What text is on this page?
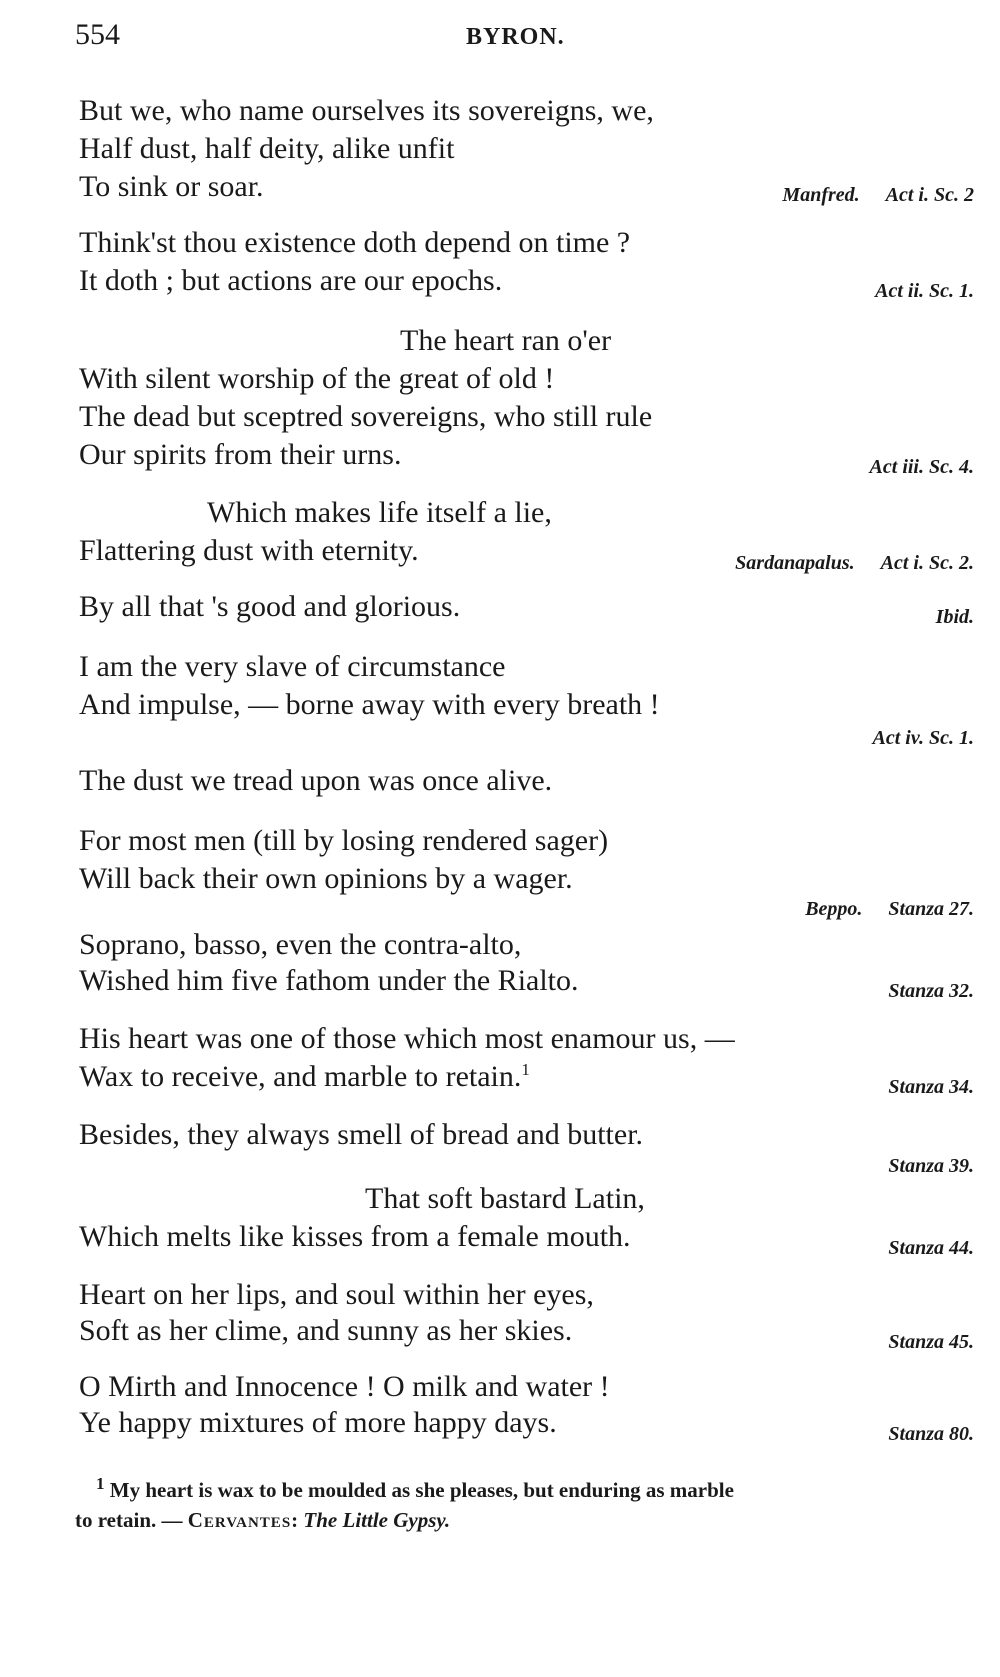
554	BYRON.
But we, who name ourselves its sovereigns, we,
Half dust, half deity, alike unfit
To sink or soar.	Manfred. Act i. Sc. 2
Think'st thou existence doth depend on time ?
It doth ; but actions are our epochs.	Act ii. Sc. 1.
The heart ran o'er
With silent worship of the great of old !
The dead but sceptred sovereigns, who still rule
Our spirits from their urns.	Act iii. Sc. 4.
Which makes life itself a lie,
Flattering dust with eternity.	Sardanapalus. Act i. Sc. 2.
By all that 's good and glorious.	Ibid.
I am the very slave of circumstance
And impulse, — borne away with every breath !
Act iv. Sc. 1.
The dust we tread upon was once alive.
For most men (till by losing rendered sager)
Will back their own opinions by a wager.
Beppo. Stanza 27.
Soprano, basso, even the contra-alto,
Wished him five fathom under the Rialto.	Stanza 32.
His heart was one of those which most enamour us, —
Wax to receive, and marble to retain.$^1$
Stanza 34.
Besides, they always smell of bread and butter.
Stanza 39.
That soft bastard Latin,
Which melts like kisses from a female mouth.	Stanza 44.
Heart on her lips, and soul within her eyes,
Soft as her clime, and sunny as her skies.	Stanza 45.
O Mirth and Innocence ! O milk and water !
Ye happy mixtures of more happy days.	Stanza 80.
$^1$ My heart is wax to be moulded as she pleases, but enduring as marble
to retain. — Cervantes: The Little Gypsy.
